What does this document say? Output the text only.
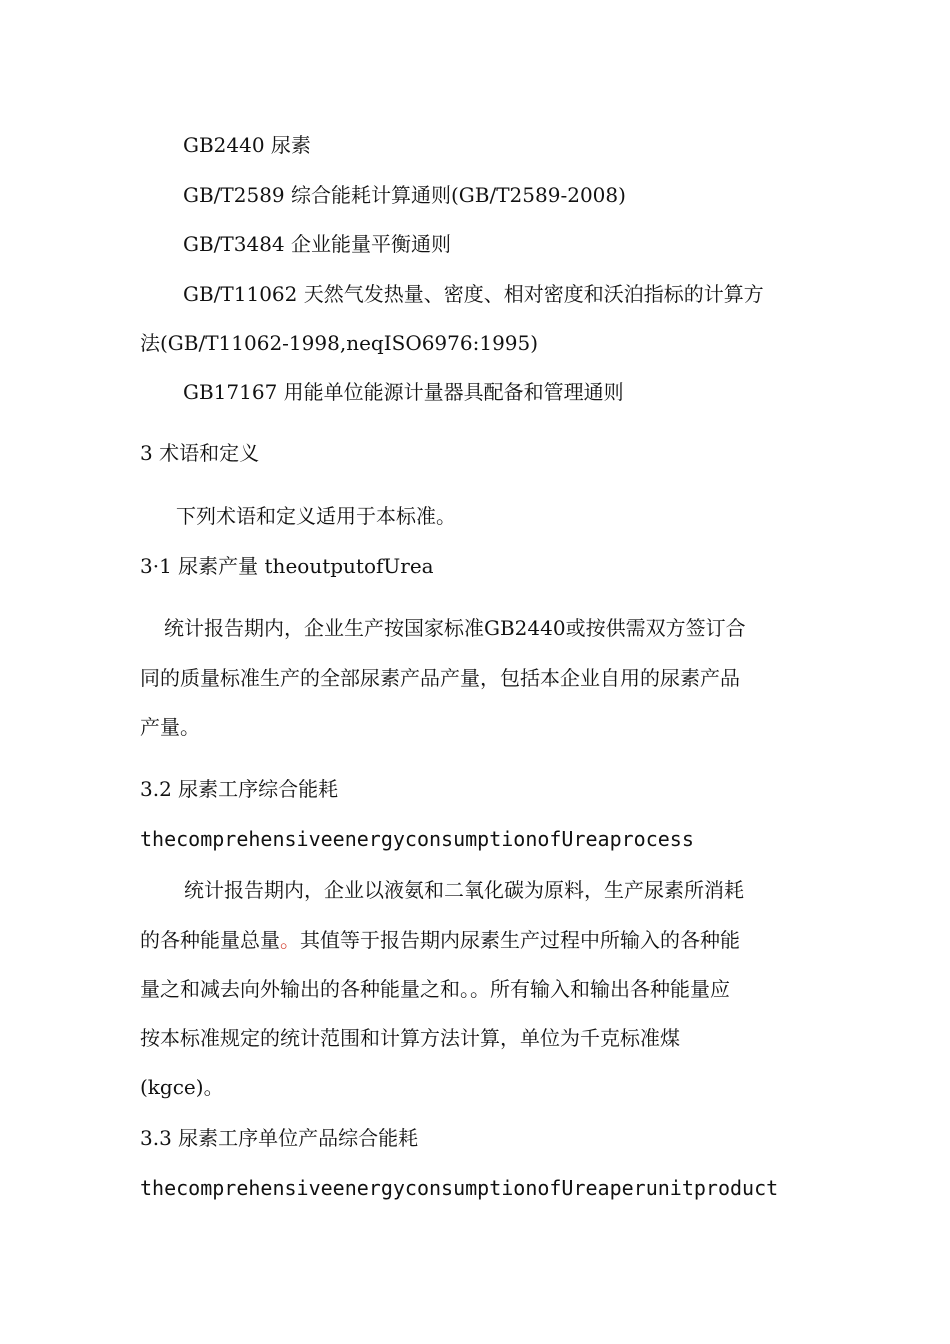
GB2440 尿素
GB/T2589 综合能耗计算通则(GB/T2589-2008)
GB/T3484 企业能量平衡通则
GB/T11062 天然气发热量、密度、相对密度和沃泊指标的计算方
法(GB/T11062-1998,neqISO6976:1995)
GB17167 用能单位能源计量器具配备和管理通则
3 术语和定义
下列术语和定义适用于本标准。
3·1 尿素产量 theoutputofUrea
统计报告期内，企业生产按国家标准GB2440或按供需双方签订合
同的质量标准生产的全部尿素产品产量，包括本企业自用的尿素产品
产量。
3.2 尿素工序综合能耗
thecomprehensiveenergyconsumptionofUreaprocess
统计报告期内，企业以液氨和二氧化碳为原料，生产尿素所消耗
的各种能量总量。其值等于报告期内尿素生产过程中所输入的各种能
量之和减去向外输出的各种能量之和。。所有输入和输出各种能量应
按本标准规定的统计范围和计算方法计算，单位为千克标准煤
(kgce)。
3.3 尿素工序单位产品综合能耗
thecomprehensiveenergyconsumptionofUreaperunitproduct
